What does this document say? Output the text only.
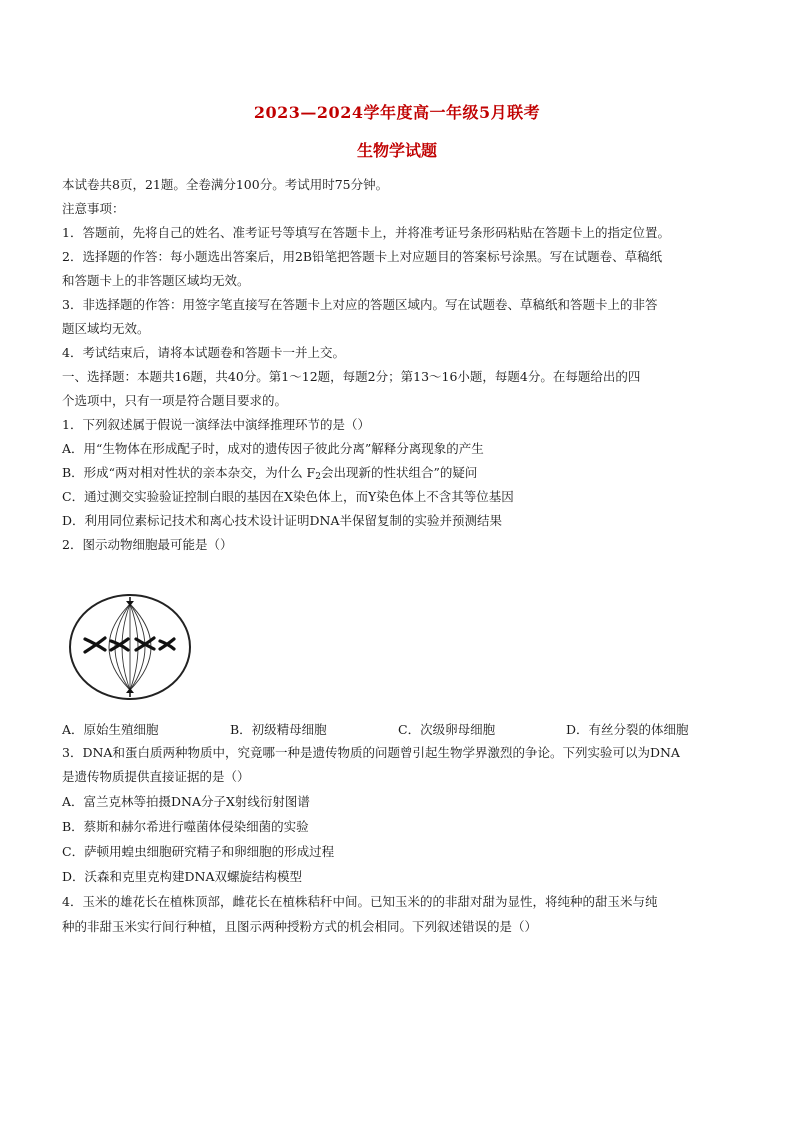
2023—2024学年度高一年级5月联考
生物学试题
本试卷共8页，21题。全卷满分100分。考试用时75分钟。
注意事项：
1．答题前，先将自己的姓名、准考证号等填写在答题卡上，并将准考证号条形码粘贴在答题卡上的指定位置。
2．选择题的作答：每小题选出答案后，用2B铅笔把答题卡上对应题目的答案标号涂黑。写在试题卷、草稿纸
和答题卡上的非答题区域均无效。
3．非选择题的作答：用签字笔直接写在答题卡上对应的答题区域内。写在试题卷、草稿纸和答题卡上的非答
题区域均无效。
4．考试结束后，请将本试题卷和答题卡一并上交。
一、选择题：本题共16题，共40分。第1～12题，每题2分；第13～16小题，每题4分。在每题给出的四
个选项中，只有一项是符合题目要求的。
1．下列叙述属于假说一演绎法中演绎推理环节的是（）
A．用“生物体在形成配子时，成对的遗传因子彼此分离”解释分离现象的产生
B．形成“两对相对性状的亲本杂交，为什么 $F_2$会出现新的性状组合”的疑问
C．通过测交实验验证控制白眼的基因在X染色体上，而Y染色体上不含其等位基因
D．利用同位素标记技术和离心技术设计证明DNA半保留复制的实验并预测结果
2．图示动物细胞最可能是（）
A．原始生殖细胞	B．初级精母细胞	C．次级卵母细胞	D．有丝分裂的体细胞
3．DNA和蛋白质两种物质中，究竟哪一种是遗传物质的问题曾引起生物学界激烈的争论。下列实验可以为DNA
是遗传物质提供直接证据的是（）
A．富兰克林等拍摄DNA分子X射线衍射图谱
B．蔡斯和赫尔希进行噬菌体侵染细菌的实验
C．萨顿用蝗虫细胞研究精子和卵细胞的形成过程
D．沃森和克里克构建DNA双螺旋结构模型
4．玉米的雄花长在植株顶部，雌花长在植株秸秆中间。已知玉米的的非甜对甜为显性，将纯种的甜玉米与纯
种的非甜玉米实行间行种植，且图示两种授粉方式的机会相同。下列叙述错误的是（）
